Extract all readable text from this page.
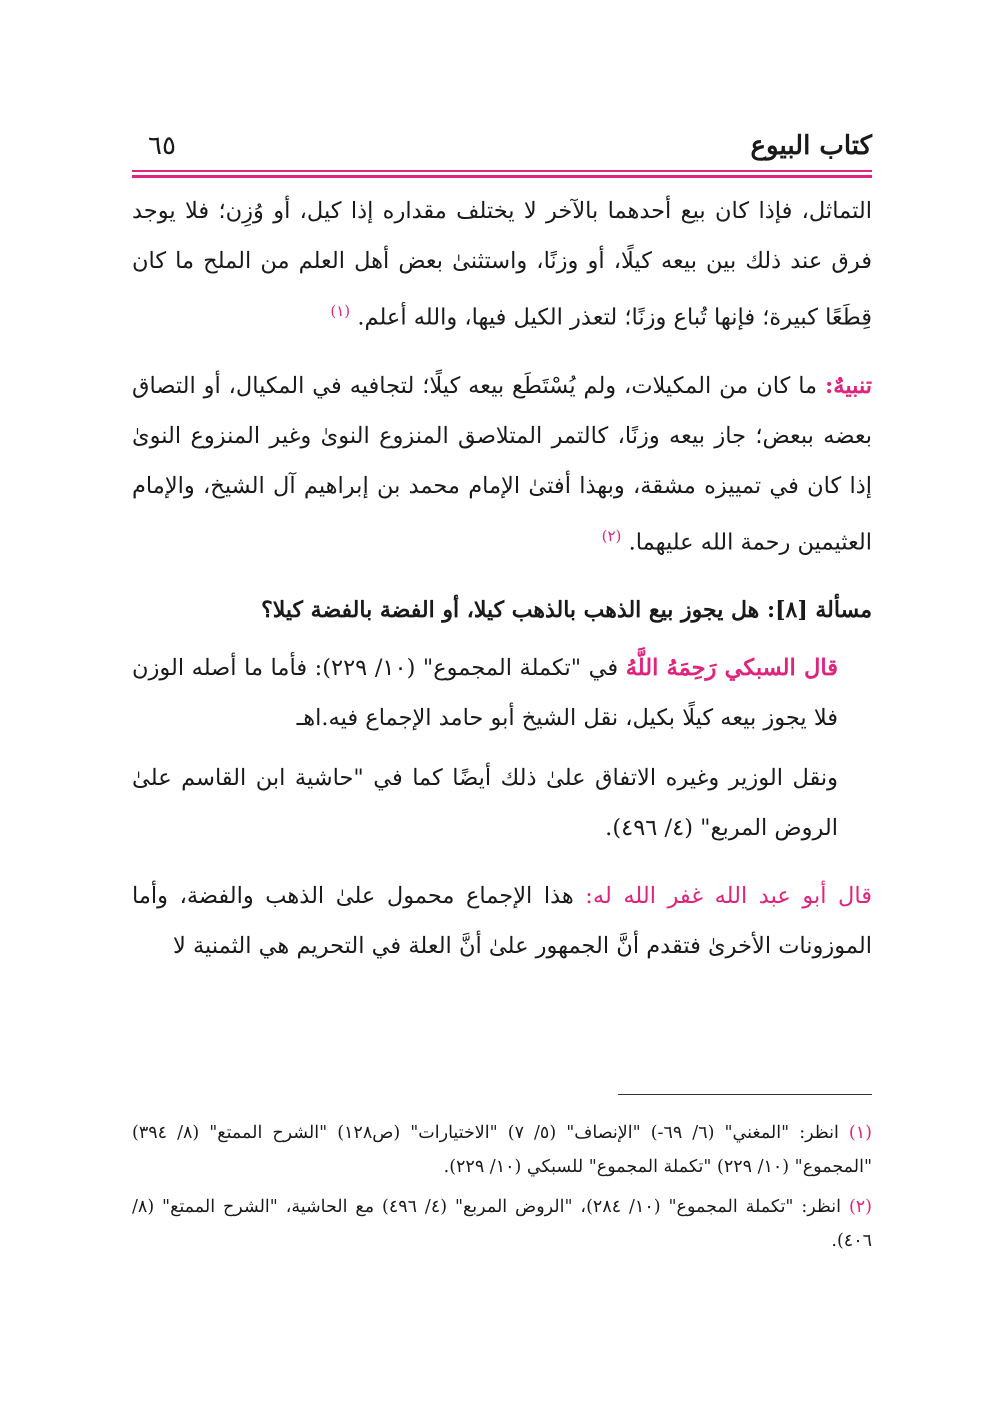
٦٥	كتاب البيوع

التماثل، فإذا كان بيع أحدهما بالآخر لا يختلف مقداره إذا كيل، أو وُزِن؛ فلا يوجد فرق عند ذلك بين بيعه كيلًا، أو وزنًا، واستثنىٰ بعض أهل العلم من الملح ما كان قِطَعًا كبيرة؛ فإنها تُباع وزنًا؛ لتعذر الكيل فيها، والله أعلم. $^{(١)}$

تنبيهٌ: ما كان من المكيلات، ولم يُسْتَطَع بيعه كيلًا؛ لتجافيه في المكيال، أو التصاق بعضه ببعض؛ جاز بيعه وزنًا، كالتمر المتلاصق المنزوع النوىٰ وغير المنزوع النوىٰ إذا كان في تمييزه مشقة، وبهذا أفتىٰ الإمام محمد بن إبراهيم آل الشيخ، والإمام العثيمين رحمة الله عليهما. $^{(٢)}$

مسألة [٨]: هل يجوز بيع الذهب بالذهب كيلا، أو الفضة بالفضة كيلا؟

قال السبكي رَحِمَهُ اللَّهُ في "تكملة المجموع" (١٠/ ٢٢٩): فأما ما أصله الوزن فلا يجوز بيعه كيلًا بكيل، نقل الشيخ أبو حامد الإجماع فيه.اهـ

ونقل الوزير وغيره الاتفاق علىٰ ذلك أيضًا كما في "حاشية ابن القاسم علىٰ الروض المربع" (٤/ ٤٩٦).

قال أبو عبد الله غفر الله له: هذا الإجماع محمول علىٰ الذهب والفضة، وأما الموزونات الأخرىٰ فتقدم أنَّ الجمهور علىٰ أنَّ العلة في التحريم هي الثمنية لا

(١) انظر: "المغني" (٦/ ٦٩-) "الإنصاف" (٥/ ٧) "الاختيارات" (ص١٢٨) "الشرح الممتع" (٨/ ٣٩٤) "المجموع" (١٠/ ٢٢٩) "تكملة المجموع" للسبكي (١٠/ ٢٢٩).

(٢) انظر: "تكملة المجموع" (١٠/ ٢٨٤)، "الروض المربع" (٤/ ٤٩٦) مع الحاشية، "الشرح الممتع" (٨/ ٤٠٦).
